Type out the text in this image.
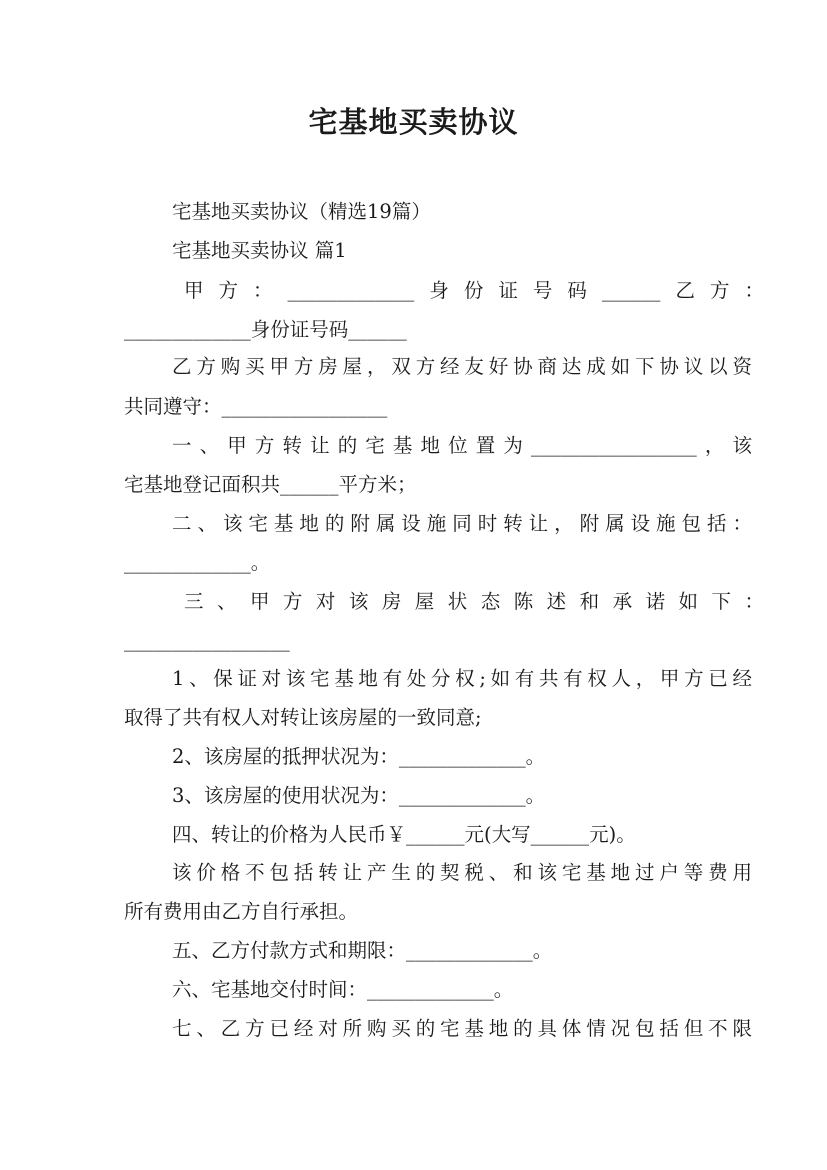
宅基地买卖协议
宅基地买卖协议（精选19篇）
宅基地买卖协议 篇1
甲方：_____________身份证号码______乙方：
_____________身份证号码______
乙方购买甲方房屋，双方经友好协商达成如下协议以资
共同遵守：_________________
一、甲方转让的宅基地位置为_________________，该
宅基地登记面积共______平方米；
二、该宅基地的附属设施同时转让，附属设施包括：
_____________。
三、甲方对该房屋状态陈述和承诺如下：
_________________
1、保证对该宅基地有处分权;如有共有权人，甲方已经
取得了共有权人对转让该房屋的一致同意;
2、该房屋的抵押状况为：_____________。
3、该房屋的使用状况为：_____________。
四、转让的价格为人民币￥______元(大写______元)。
该价格不包括转让产生的契税、和该宅基地过户等费用
所有费用由乙方自行承担。
五、乙方付款方式和期限：_____________。
六、宅基地交付时间：_____________。
七、乙方已经对所购买的宅基地的具体情况包括但不限
